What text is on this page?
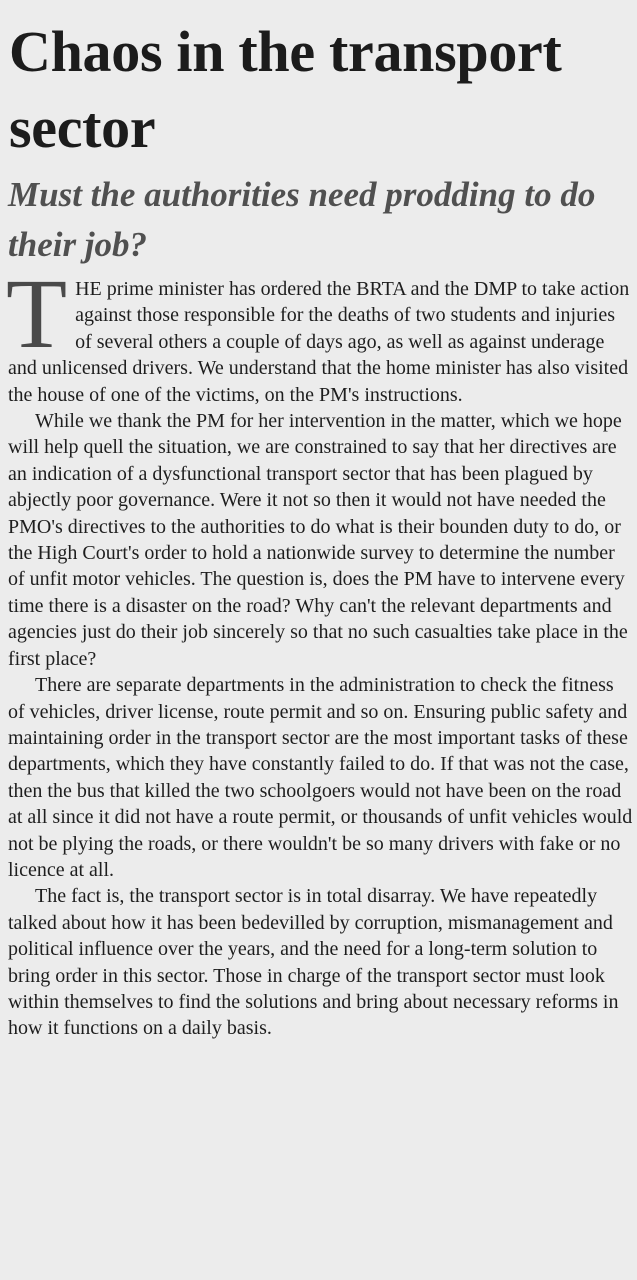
Chaos in the transport sector
Must the authorities need prodding to do their job?

THE prime minister has ordered the BRTA and the DMP to take action against those responsible for the deaths of two students and injuries of several others a couple of days ago, as well as against underage and unlicensed drivers. We understand that the home minister has also visited the house of one of the victims, on the PM's instructions.

While we thank the PM for her intervention in the matter, which we hope will help quell the situation, we are constrained to say that her directives are an indication of a dysfunctional transport sector that has been plagued by abjectly poor governance. Were it not so then it would not have needed the PMO's directives to the authorities to do what is their bounden duty to do, or the High Court's order to hold a nationwide survey to determine the number of unfit motor vehicles. The question is, does the PM have to intervene every time there is a disaster on the road? Why can't the relevant departments and agencies just do their job sincerely so that no such casualties take place in the first place?

There are separate departments in the administration to check the fitness of vehicles, driver license, route permit and so on. Ensuring public safety and maintaining order in the transport sector are the most important tasks of these departments, which they have constantly failed to do. If that was not the case, then the bus that killed the two schoolgoers would not have been on the road at all since it did not have a route permit, or thousands of unfit vehicles would not be plying the roads, or there wouldn't be so many drivers with fake or no licence at all.

The fact is, the transport sector is in total disarray. We have repeatedly talked about how it has been bedevilled by corruption, mismanagement and political influence over the years, and the need for a long-term solution to bring order in this sector. Those in charge of the transport sector must look within themselves to find the solutions and bring about necessary reforms in how it functions on a daily basis.
